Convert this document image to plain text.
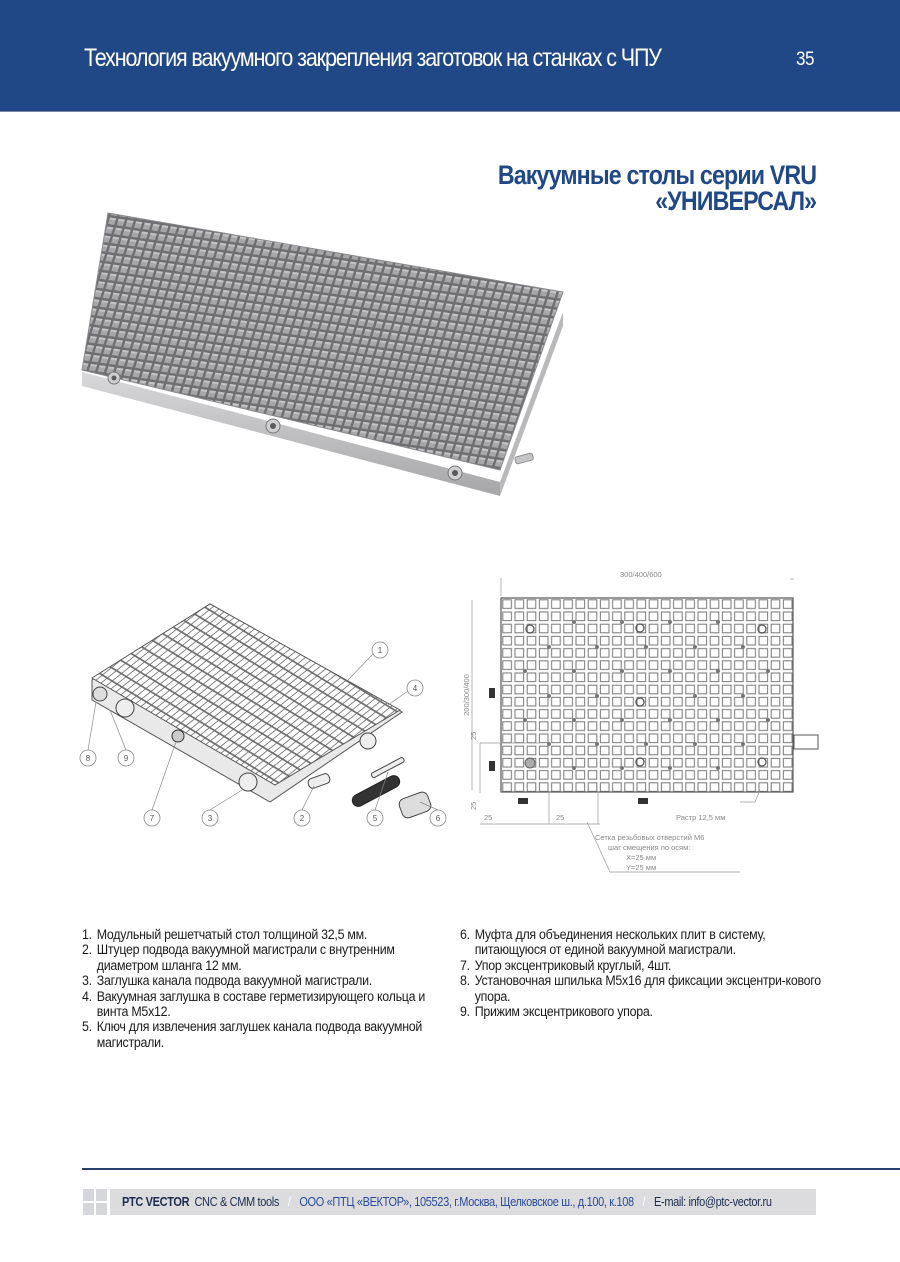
Технология вакуумного закрепления заготовок на станках с ЧПУ	35
Вакуумные столы серии VRU
«УНИВЕРСАЛ»
1
2
3
4
5	6
7
8	9
300/400/600
200/300/400
25
25
25	25	Растр 12,5 мм
Сетка резьбовых отверстий М6
шаг смещения по осям:
X=25 мм
Y=25 мм
1. Модульный решетчатый стол толщиной 32,5 мм.
2. Штуцер подвода вакуумной магистрали с внутренним диаметром шланга 12 мм.
3. Заглушка канала подвода вакуумной магистрали.
4. Вакуумная заглушка в составе герметизирующего кольца и винта М5х12.
5. Ключ для извлечения заглушек канала подвода вакуумной магистрали.
6. Муфта для объединения нескольких плит в систему, питающуюся от единой вакуумной магистрали.
7. Упор эксцентриковый круглый, 4шт.
8. Установочная шпилька М5х16 для фиксации эксцентри-кового упора.
9. Прижим эксцентрикового упора.
PTC VECTOR CNC & CMM tools / ООО «ПТЦ «ВЕКТОР», 105523, г.Москва, Щелковское ш., д.100, к.108 / E-mail: info@ptc-vector.ru
